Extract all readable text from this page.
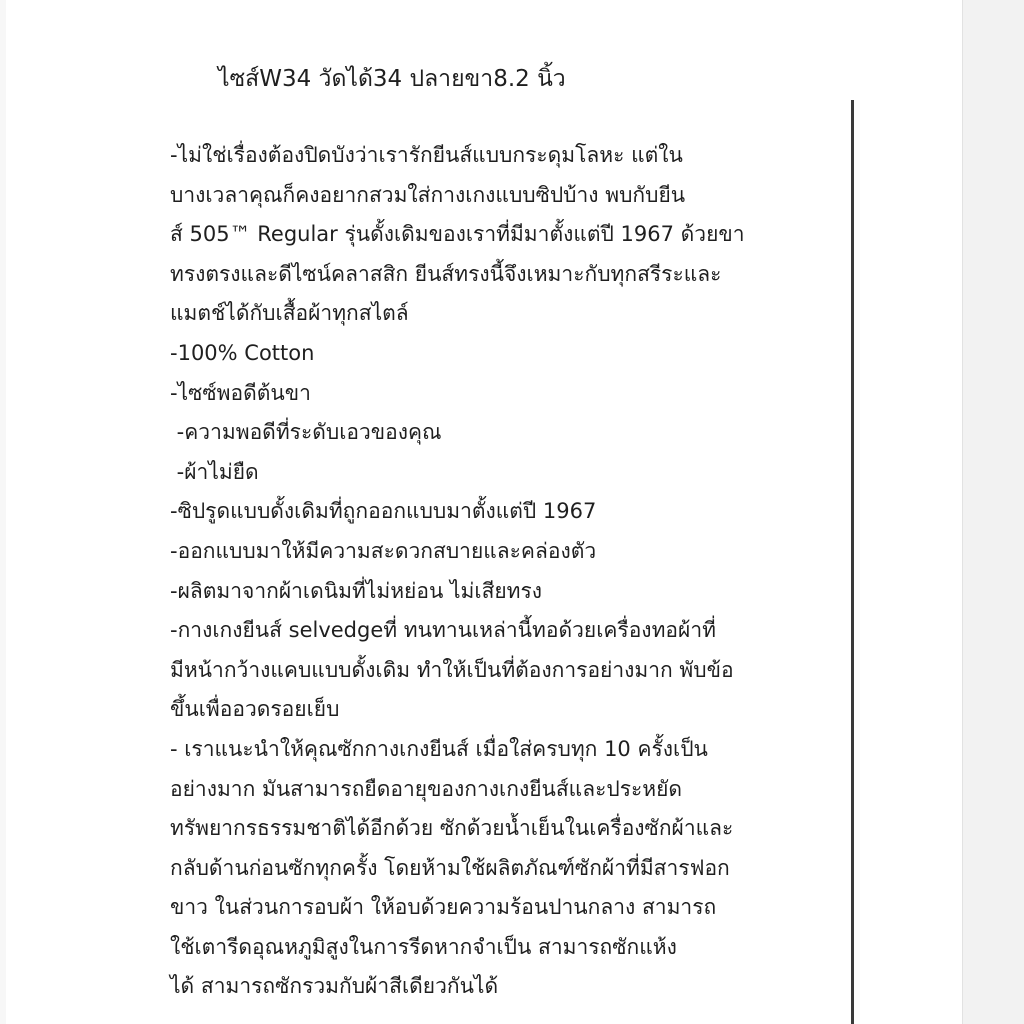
ไซส์W34 วัดได้34 ปลายขา8.2 นิ้ว
-ไม่ใช่เรื่องต้องปิดบังว่าเรารักยีนส์แบบกระดุมโลหะ แต่ใน
บางเวลาคุณก็คงอยากสวมใส่กางเกงแบบซิปบ้าง พบกับยีน
ส์ 505™ Regular รุ่นดั้งเดิมของเราที่มีมาตั้งแต่ปี 1967 ด้วยขา
ทรงตรงและดีไซน์คลาสสิก ยีนส์ทรงนี้จึงเหมาะกับทุกสรีระและ
แมตช์ได้กับเสื้อผ้าทุกสไตล์
-100% Cotton
-ไซซ์พอดีต้นขา
-ความพอดีที่ระดับเอวของคุณ
-ผ้าไม่ยืด
-ซิปรูดแบบดั้งเดิมที่ถูกออกแบบมาตั้งแต่ปี 1967
-ออกแบบมาให้มีความสะดวกสบายและคล่องตัว
-ผลิตมาจากผ้าเดนิมที่ไม่หย่อน ไม่เสียทรง
-กางเกงยีนส์ selvedgeที่ ทนทานเหล่านี้ทอด้วยเครื่องทอผ้าที่
มีหน้ากว้างแคบแบบดั้งเดิม ทำให้เป็นที่ต้องการอย่างมาก พับข้อ
ขึ้นเพื่ออวดรอยเย็บ
- เราแนะนำให้คุณซักกางเกงยีนส์ เมื่อใส่ครบทุก 10 ครั้งเป็น
อย่างมาก มันสามารถยืดอายุของกางเกงยีนส์และประหยัด
ทรัพยากรธรรมชาติได้อีกด้วย ซักด้วยน้ำเย็นในเครื่องซักผ้าและ
กลับด้านก่อนซักทุกครั้ง โดยห้ามใช้ผลิตภัณฑ์ซักผ้าที่มีสารฟอก
ขาว ในส่วนการอบผ้า ให้อบด้วยความร้อนปานกลาง สามารถ
ใช้เตารีดอุณหภูมิสูงในการรีดหากจำเป็น สามารถซักแห้ง
ได้ สามารถซักรวมกับผ้าสีเดียวกันได้
